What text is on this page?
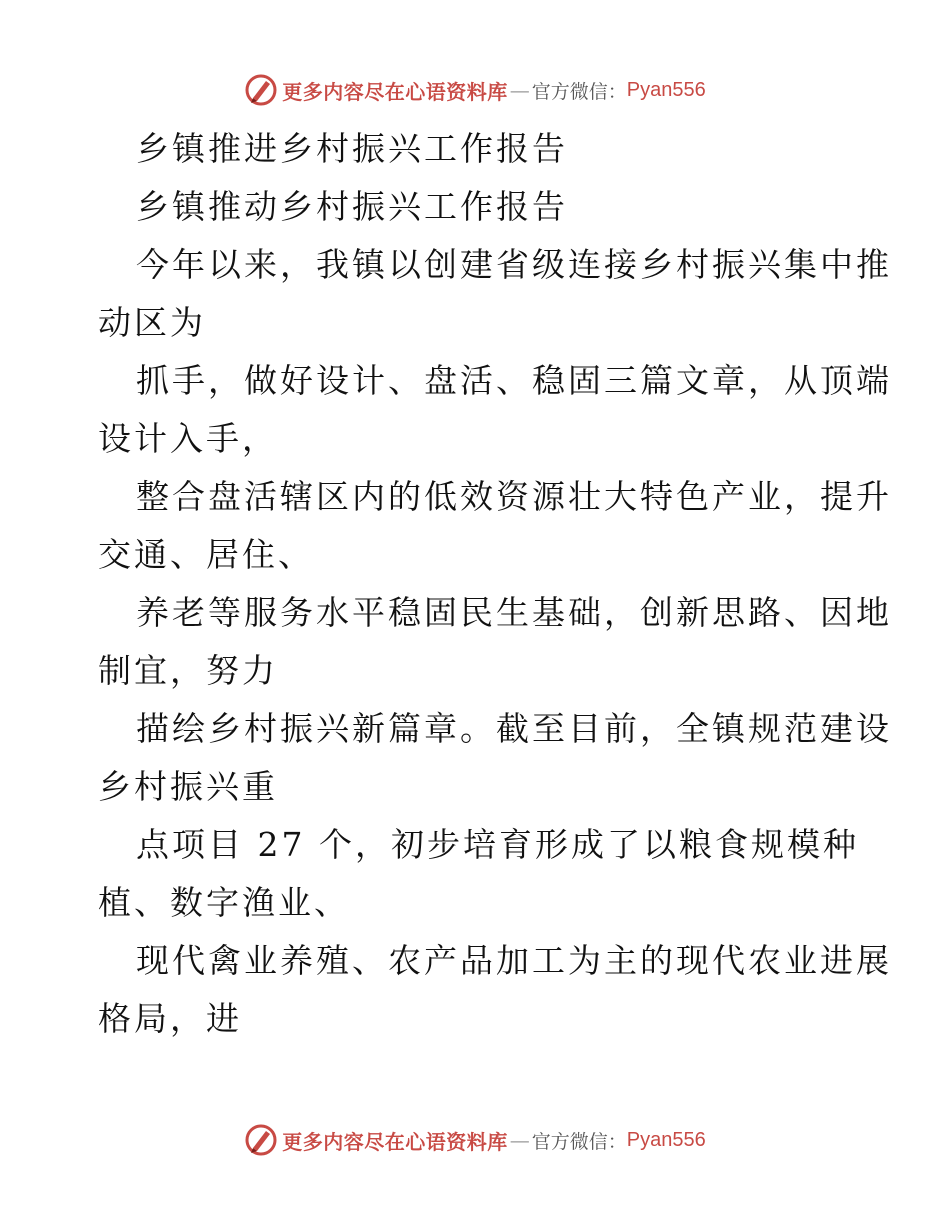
更多内容尽在心语资料库 — 官方微信： Pyan556
乡镇推进乡村振兴工作报告
乡镇推动乡村振兴工作报告
今年以来，我镇以创建省级连接乡村振兴集中推
动区为
抓手，做好设计、盘活、稳固三篇文章，从顶端
设计入手，
整合盘活辖区内的低效资源壮大特色产业，提升
交通、居住、
养老等服务水平稳固民生基础，创新思路、因地
制宜，努力
描绘乡村振兴新篇章。截至目前，全镇规范建设
乡村振兴重
点项目 27 个，初步培育形成了以粮食规模种
植、数字渔业、
现代禽业养殖、农产品加工为主的现代农业进展
格局，进
更多内容尽在心语资料库 — 官方微信： Pyan556
